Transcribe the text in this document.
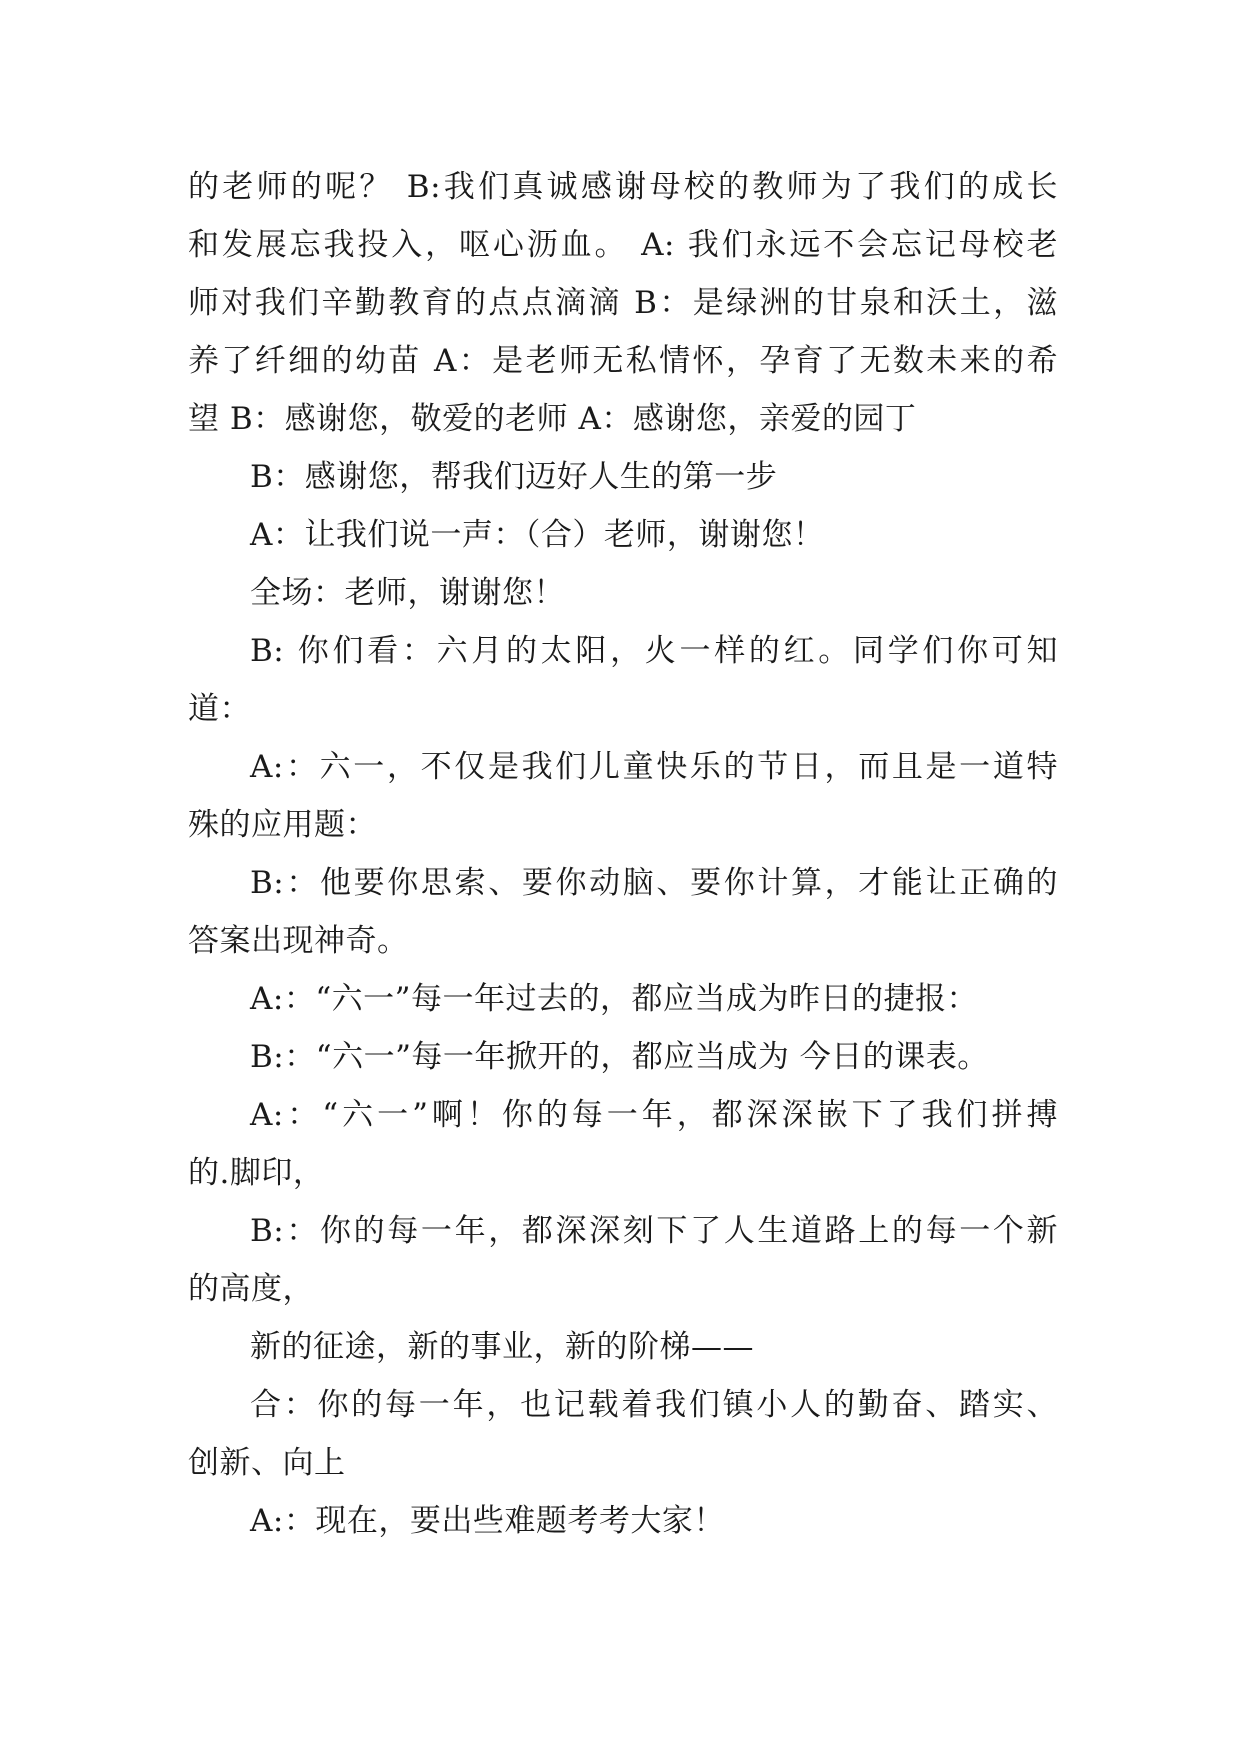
的老师的呢？ B:我们真诚感谢母校的教师为了我们的成长
和发展忘我投入，呕心沥血。 A: 我们永远不会忘记母校老
师对我们辛勤教育的点点滴滴 B：是绿洲的甘泉和沃土，滋
养了纤细的幼苗 A：是老师无私情怀，孕育了无数未来的希
望 B：感谢您，敬爱的老师 A：感谢您，亲爱的园丁
B：感谢您，帮我们迈好人生的第一步
A：让我们说一声：（合）老师，谢谢您！
全场：老师，谢谢您！
B: 你们看：六月的太阳，火一样的红。同学们你可知
道：
A:：六一，不仅是我们儿童快乐的节日，而且是一道特
殊的应用题：
B:：他要你思索、要你动脑、要你计算，才能让正确的
答案出现神奇。
A:：“六一”每一年过去的，都应当成为昨日的捷报：
B:：“六一”每一年掀开的，都应当成为 今日的课表。
A:：“六一”啊！你的每一年，都深深嵌下了我们拼搏
的.脚印，
B:：你的每一年，都深深刻下了人生道路上的每一个新
的高度，
新的征途，新的事业，新的阶梯——
合：你的每一年，也记载着我们镇小人的勤奋、踏实、
创新、向上
A:：现在，要出些难题考考大家！
